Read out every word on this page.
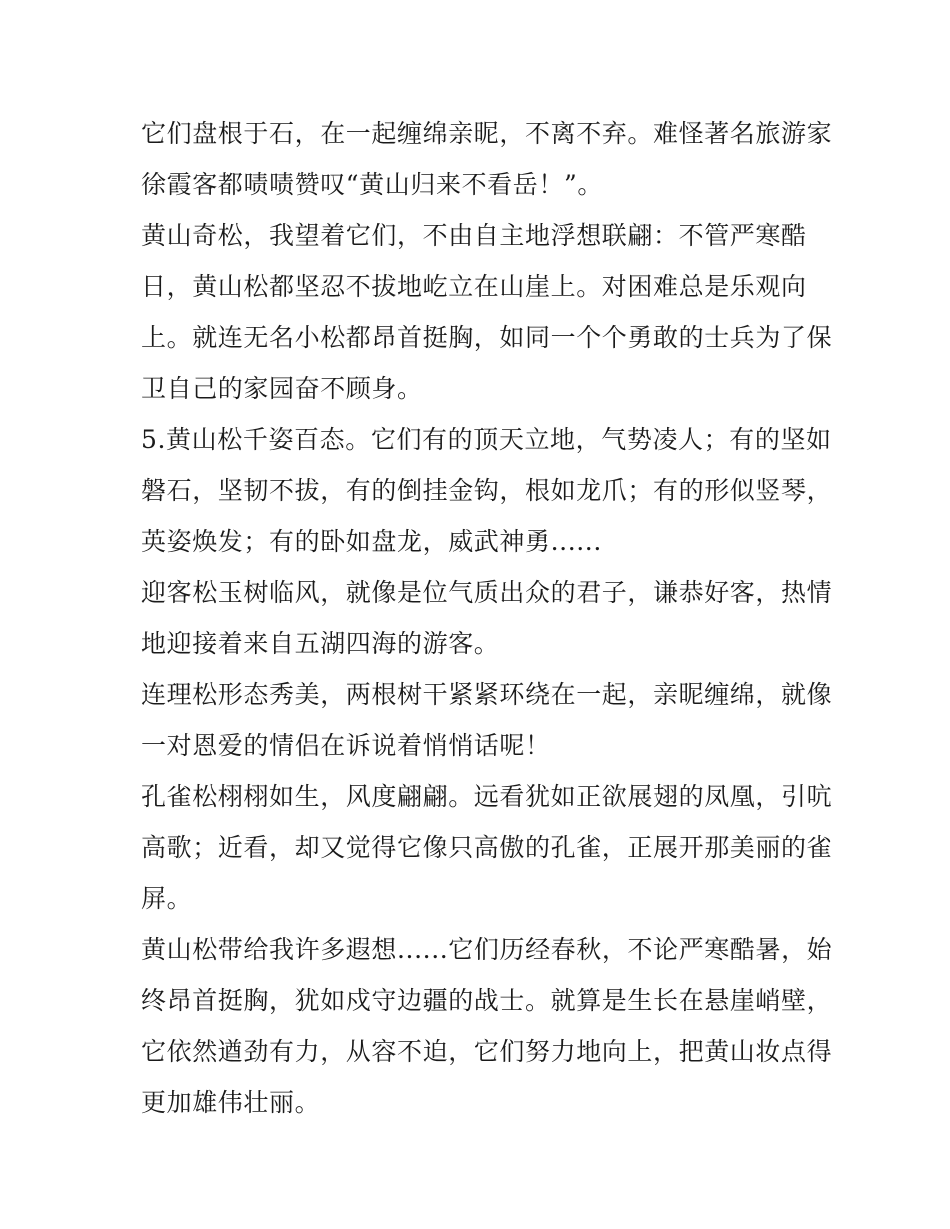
它们盘根于石，在一起缠绵亲昵，不离不弃。难怪著名旅游家
徐霞客都啧啧赞叹“黄山归来不看岳！”。
黄山奇松，我望着它们，不由自主地浮想联翩：不管严寒酷
日，黄山松都坚忍不拔地屹立在山崖上。对困难总是乐观向
上。就连无名小松都昂首挺胸，如同一个个勇敢的士兵为了保
卫自己的家园奋不顾身。
5.黄山松千姿百态。它们有的顶天立地，气势凌人；有的坚如
磐石，坚韧不拔，有的倒挂金钩，根如龙爪；有的形似竖琴，
英姿焕发；有的卧如盘龙，威武神勇......
迎客松玉树临风，就像是位气质出众的君子，谦恭好客，热情
地迎接着来自五湖四海的游客。
连理松形态秀美，两根树干紧紧环绕在一起，亲昵缠绵，就像
一对恩爱的情侣在诉说着悄悄话呢！
孔雀松栩栩如生，风度翩翩。远看犹如正欲展翅的凤凰，引吭
高歌；近看，却又觉得它像只高傲的孔雀，正展开那美丽的雀
屏。
黄山松带给我许多遐想......它们历经春秋，不论严寒酷暑，始
终昂首挺胸，犹如戍守边疆的战士。就算是生长在悬崖峭壁，
它依然遒劲有力，从容不迫，它们努力地向上，把黄山妆点得
更加雄伟壮丽。
